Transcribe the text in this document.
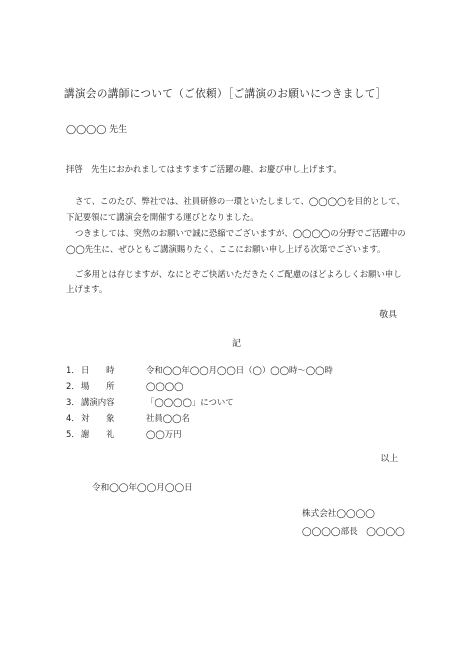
講演会の講師について（ご依頼）［ご講演のお願いにつきまして］
◯◯◯◯ 先生
拝啓　先生におかれましてはますますご活躍の趣、お慶び申し上げます。
さて、このたび、弊社では、社員研修の一環といたしまして、◯◯◯◯を目的として、
下記要領にて講演会を開催する運びとなりました。
つきましては、突然のお願いで誠に恐縮でございますが、◯◯◯◯の分野でご活躍中の
◯◯先生に、ぜひともご講演賜りたく、ここにお願い申し上げる次第でございます。
ご多用とは存じますが、なにとぞご快諾いただきたくご配慮のほどよろしくお願い申し
上げます。
敬具
記
1． 日　　時	令和◯◯年◯◯月◯◯日（◯）◯◯時～◯◯時
2． 場　　所	◯◯◯◯
3． 講演内容	「◯◯◯◯」について
4． 対　　象	社員◯◯名
5． 謝　　礼	◯◯万円
以上
令和◯◯年◯◯月◯◯日
株式会社◯◯◯◯
◯◯◯◯部長　◯◯◯◯
